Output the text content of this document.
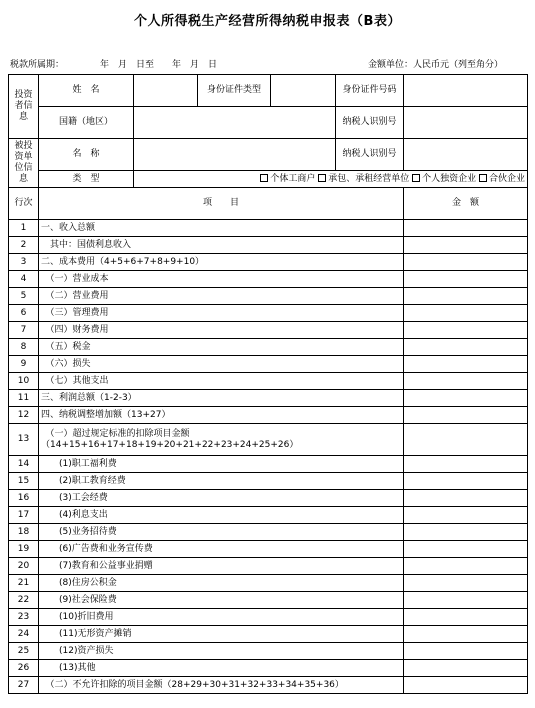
个人所得税生产经营所得纳税申报表（B表）
税款所属期：	年　月　日至　　年　月　日	金额单位：人民币元（列至角分）
投资者信息	姓　名		身份证件类型		身份证件号码	
	国籍（地区）				纳税人识别号	
被投资单位信息	名　称				纳税人识别号	
	类　型	个体工商户 承包、承租经营单位 个人独资企业 合伙企业				
行次	项　　目					金　额
1	一、收入总额					

2	　其中：国债利息收入					

3	二、成本费用（4+5+6+7+8+9+10）					

4	　（一）营业成本					

5	　（二）营业费用					

6	　（三）管理费用					

7	　（四）财务费用					

8	　（五）税金					

9	　（六）损失					

10	　（七）其他支出					

11	三、利润总额（1-2-3）					

12	四、纳税调整增加额（13+27）					

13	　（一）超过规定标准的扣除项目金额
（14+15+16+17+18+19+20+21+22+23+24+25+26）					

14	　　(1)职工福利费					

15	　　(2)职工教育经费					

16	　　(3)工会经费					

17	　　(4)利息支出					

18	　　(5)业务招待费					

19	　　(6)广告费和业务宣传费					

20	　　(7)教育和公益事业捐赠					

21	　　(8)住房公积金					

22	　　(9)社会保险费					

23	　　(10)折旧费用					

24	　　(11)无形资产摊销					

25	　　(12)资产损失					

26	　　(13)其他					

27	　（二）不允许扣除的项目金额（28+29+30+31+32+33+34+35+36）					
